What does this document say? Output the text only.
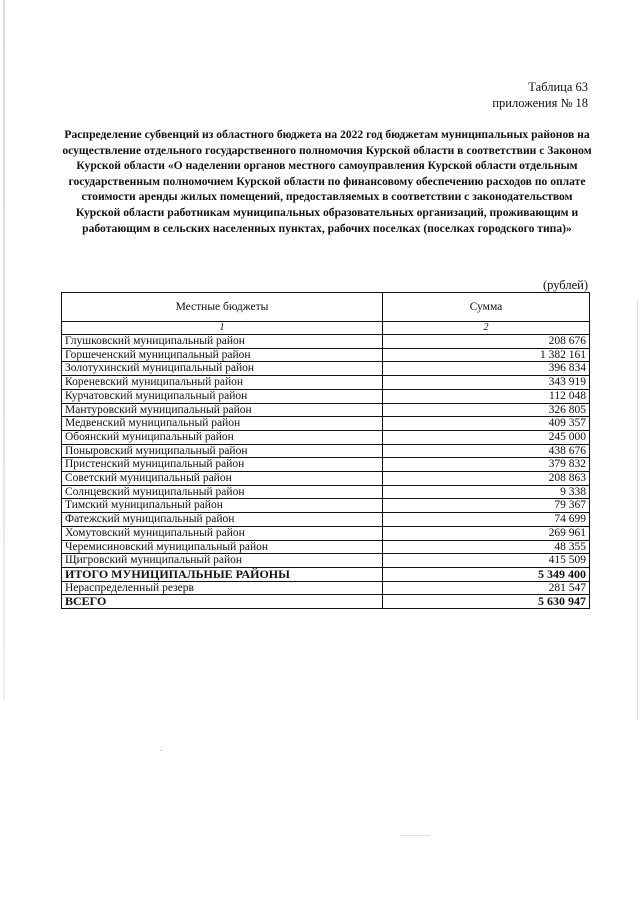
Таблица 63
приложения № 18
Распределение субвенций из областного бюджета на 2022 год бюджетам муниципальных районов на осуществление отдельного государственного полномочия Курской области в соответствии с Законом Курской области «О наделении органов местного самоуправления Курской области отдельным государственным полномочием Курской области по финансовому обеспечению расходов по оплате стоимости аренды жилых помещений, предоставляемых в соответствии с законодательством Курской области работникам муниципальных образовательных организаций, проживающим и работающим в сельских населенных пунктах, рабочих поселках (поселках городского типа)»
(рублей)
Местные бюджеты	Сумма
1	2
Глушковский муниципальный район	208 676
Горшеченский муниципальный район	1 382 161
Золотухинский муниципальный район	396 834
Кореневский муниципальный район	343 919
Курчатовский муниципальный район	112 048
Мантуровский муниципальный район	326 805
Медвенский муниципальный район	409 357
Обоянский муниципальный район	245 000
Поныровский муниципальный район	438 676
Пристенский муниципальный район	379 832
Советский муниципальный район	208 863
Солнцевский муниципальный район	9 338
Тимский муниципальный район	79 367
Фатежский муниципальный район	74 699
Хомутовский муниципальный район	269 961
Черемисиновский муниципальный район	48 355
Щигровский муниципальный район	415 509
ИТОГО МУНИЦИПАЛЬНЫЕ РАЙОНЫ	5 349 400
Нераспределенный резерв	281 547
ВСЕГО	5 630 947
